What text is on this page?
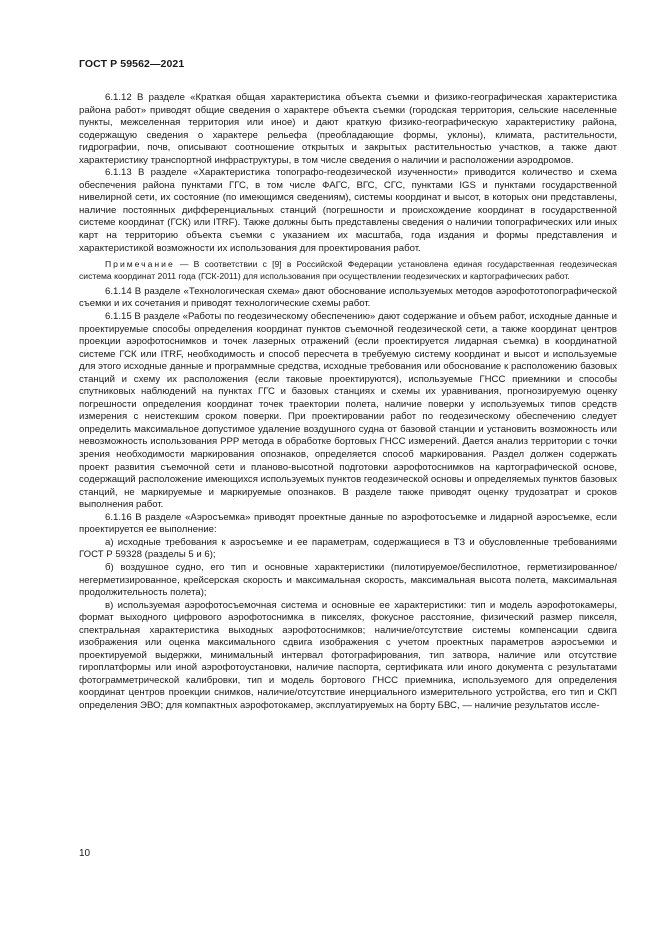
ГОСТ Р 59562—2021

6.1.12 В разделе «Краткая общая характеристика объекта съемки и физико-географическая характеристика района работ» приводят общие сведения о характере объекта съемки (городская территория, сельские населенные пункты, межселенная территория или иное) и дают краткую физико-географическую характеристику района, содержащую сведения о характере рельефа (преобладающие формы, уклоны), климата, растительности, гидрографии, почв, описывают соотношение открытых и закрытых растительностью участков, а также дают характеристику транспортной инфраструктуры, в том числе сведения о наличии и расположении аэродромов.

6.1.13 В разделе «Характеристика топографо-геодезической изученности» приводится количество и схема обеспечения района пунктами ГГС, в том числе ФАГС, ВГС, СГС, пунктами IGS и пунктами государственной нивелирной сети, их состояние (по имеющимся сведениям), системы координат и высот, в которых они представлены, наличие постоянных дифференциальных станций (погрешности и происхождение координат в государственной системе координат (ГСК) или ITRF). Также должны быть представлены сведения о наличии топографических или иных карт на территорию объекта съемки с указанием их масштаба, года издания и формы представления и характеристикой возможности их использования для проектирования работ.

Примечание — В соответствии с [9] в Российской Федерации установлена единая государственная геодезическая система координат 2011 года (ГСК-2011) для использования при осуществлении геодезических и картографических работ.

6.1.14 В разделе «Технологическая схема» дают обоснование используемых методов аэрофототопографической съемки и их сочетания и приводят технологические схемы работ.

6.1.15 В разделе «Работы по геодезическому обеспечению» дают содержание и объем работ, исходные данные и проектируемые способы определения координат пунктов съемочной геодезической сети, а также координат центров проекции аэрофотоснимков и точек лазерных отражений (если проектируется лидарная съемка) в координатной системе ГСК или ITRF, необходимость и способ пересчета в требуемую систему координат и высот и используемые для этого исходные данные и программные средства, исходные требования или обоснование к расположению базовых станций и схему их расположения (если таковые проектируются), используемые ГНСС приемники и способы спутниковых наблюдений на пунктах ГГС и базовых станциях и схемы их уравнивания, прогнозируемую оценку погрешности определения координат точек траектории полета, наличие поверки у используемых типов средств измерения с неистекшим сроком поверки. При проектировании работ по геодезическому обеспечению следует определить максимальное допустимое удаление воздушного судна от базовой станции и установить возможность или невозможность использования PPP метода в обработке бортовых ГНСС измерений. Дается анализ территории с точки зрения необходимости маркирования опознаков, определяется способ маркирования. Раздел должен содержать проект развития съемочной сети и планово-высотной подготовки аэрофотоснимков на картографической основе, содержащий расположение имеющихся используемых пунктов геодезической основы и определяемых пунктов базовых станций, не маркируемые и маркируемые опознаков. В разделе также приводят оценку трудозатрат и сроков выполнения работ.

6.1.16 В разделе «Аэросъемка» приводят проектные данные по аэрофотосъемке и лидарной аэросъемке, если проектируется ее выполнение:

а) исходные требования к аэросъемке и ее параметрам, содержащиеся в ТЗ и обусловленные требованиями ГОСТ Р 59328 (разделы 5 и 6);

б) воздушное судно, его тип и основные характеристики (пилотируемое/беспилотное, герметизированное/негерметизированное, крейсерская скорость и максимальная скорость, максимальная высота полета, максимальная продолжительность полета);

в) используемая аэрофотосъемочная система и основные ее характеристики: тип и модель аэрофотокамеры, формат выходного цифрового аэрофотоснимка в пикселях, фокусное расстояние, физический размер пикселя, спектральная характеристика выходных аэрофотоснимков; наличие/отсутствие системы компенсации сдвига изображения или оценка максимального сдвига изображения с учетом проектных параметров аэросъемки и проектируемой выдержки, минимальный интервал фотографирования, тип затвора, наличие или отсутствие гироплатформы или иной аэрофотоустановки, наличие паспорта, сертификата или иного документа с результатами фотограмметрической калибровки, тип и модель бортового ГНСС приемника, используемого для определения координат центров проекции снимков, наличие/отсутствие инерциального измерительного устройства, его тип и СКП определения ЭВО; для компактных аэрофотокамер, эксплуатируемых на борту БВС, — наличие результатов иссле-

10
